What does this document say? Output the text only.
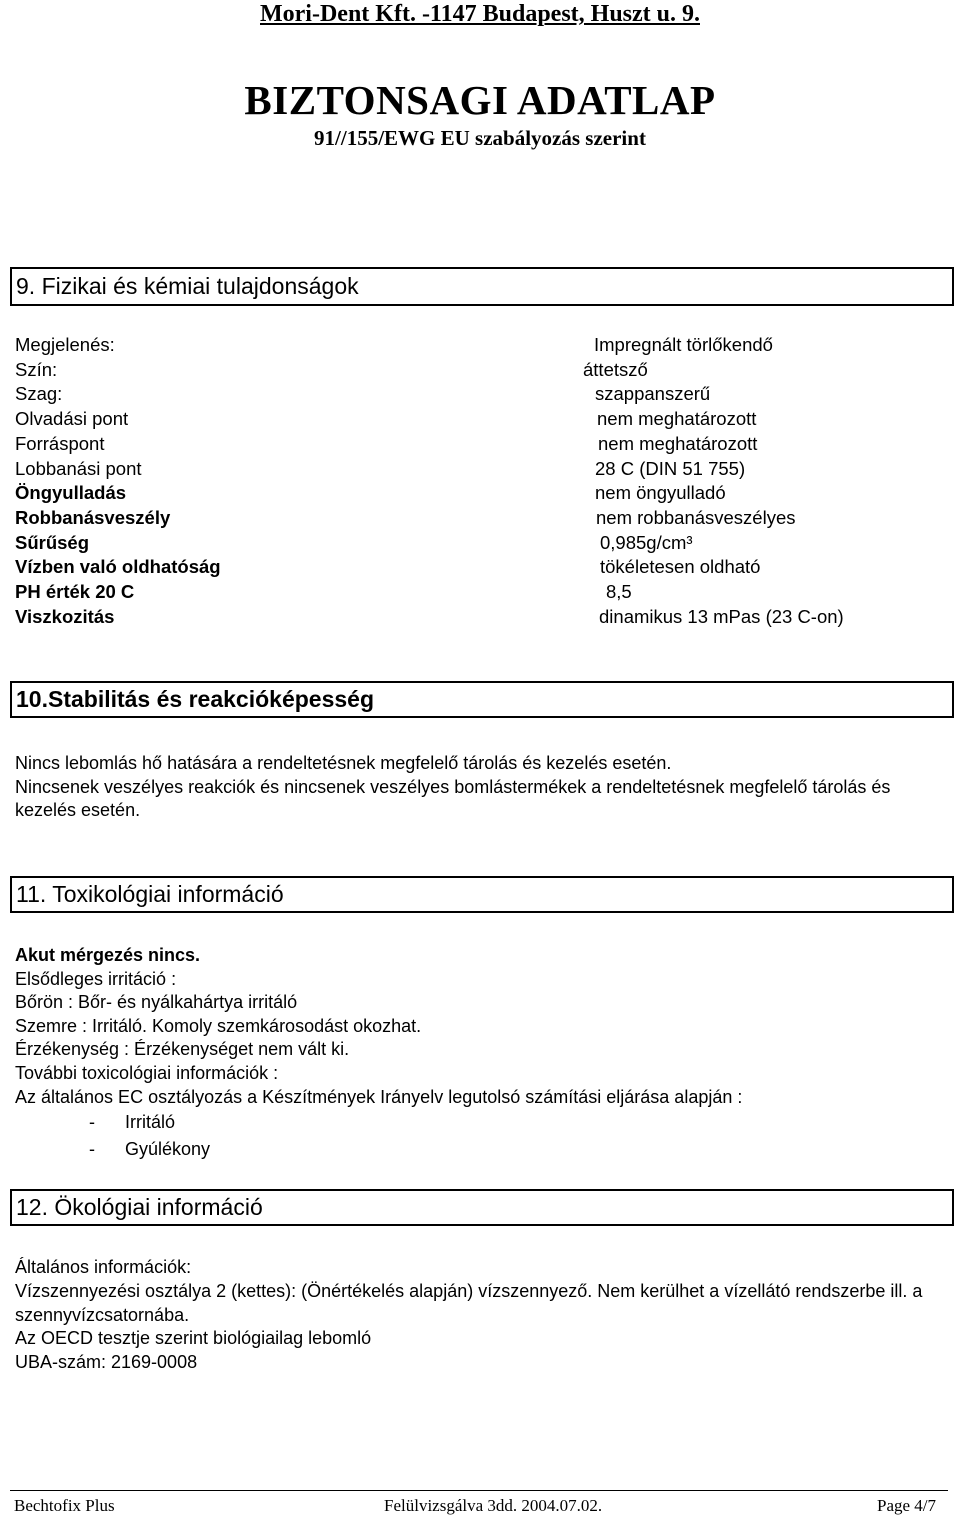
Mori-Dent Kft. -1147 Budapest, Huszt u. 9.
BIZTONSAGI ADATLAP
91//155/EWG EU szabályozás szerint
9. Fizikai és kémiai tulajdonságok
Megjelenés:	Impregnált törlőkendő
Szín:	áttetsző
Szag:	szappanszerű
Olvadási pont	nem meghatározott
Forráspont	nem meghatározott
Lobbanási pont	28 C (DIN 51 755)
Öngyulladás	nem öngyulladó
Robbanásveszély	nem robbanásveszélyes
Sűrűség	0,985g/cm³
Vízben való oldhatóság	tökéletesen oldható
PH érték 20 C	8,5
Viszkozitás	dinamikus 13 mPas (23 C-on)
10.Stabilitás és reakcióképesség
Nincs lebomlás hő hatására a rendeltetésnek megfelelő tárolás és kezelés esetén.
Nincsenek veszélyes reakciók és nincsenek veszélyes bomlástermékek a rendeltetésnek megfelelő tárolás és kezelés esetén.
11. Toxikológiai információ
Akut mérgezés nincs.
Elsődleges irritáció :
Bőrön : Bőr- és nyálkahártya irritáló
Szemre : Irritáló. Komoly szemkárosodást okozhat.
Érzékenység : Érzékenységet nem vált ki.
További toxicológiai információk :
Az általános EC osztályozás a Készítmények Irányelv legutolsó számítási eljárása alapján :
- Irritáló
- Gyúlékony
12. Ökológiai információ
Általános információk:
Vízszennyezési osztálya 2 (kettes): (Önértékelés alapján) vízszennyező. Nem kerülhet a vízellátó rendszerbe ill. a szennyvízcsatornába.
Az OECD tesztje szerint biológiailag lebomló
UBA-szám: 2169-0008
Bechtofix Plus	Felülvizsgálva 3dd. 2004.07.02.	Page 4/7
